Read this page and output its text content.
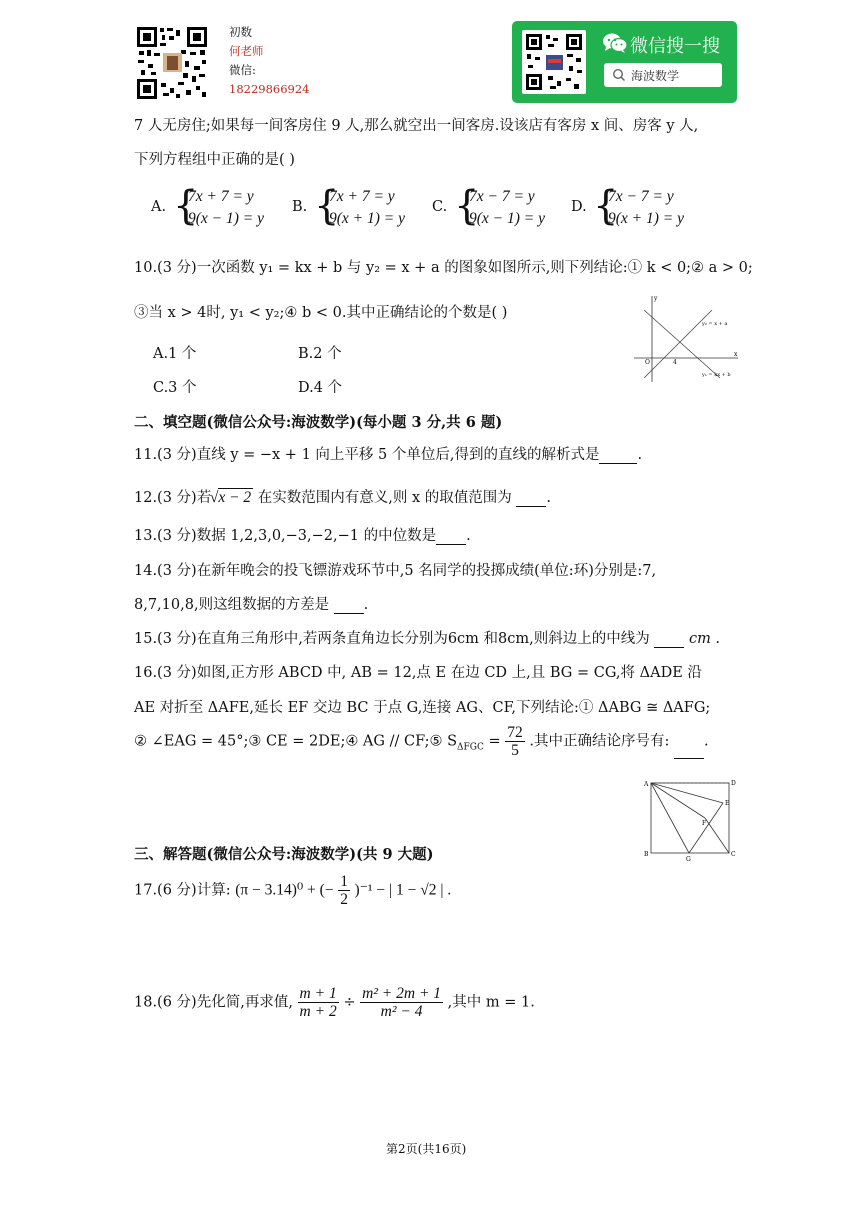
初数
何老师
微信:
18229866924
微信搜一搜
海波数学
7 人无房住;如果每一间客房住 9 人,那么就空出一间客房.设该店有客房 x 间、房客 y 人,
下列方程组中正确的是( )
A. {
7x + 7 = y
9(x − 1) = y
B. {
7x + 7 = y
9(x + 1) = y
C. {
7x − 7 = y
9(x − 1) = y
D. {
7x − 7 = y
9(x + 1) = y
10.(3 分)一次函数 y₁ = kx + b 与 y₂ = x + a 的图象如图所示,则下列结论:① k < 0;② a > 0;
③当 x > 4时, y₁ < y₂;④ b < 0.其中正确结论的个数是( )
A.1 个	B.2 个
C.3 个	D.4 个
y
x
O	4
y₂ = x + a
y₁ = kx + b
二、填空题(微信公众号:海波数学)(每小题 3 分,共 6 题)
11.(3 分)直线 y = −x + 1 向上平移 5 个单位后,得到的直线的解析式是	.
12.(3 分)若 √x − 2 在实数范围内有意义,则 x 的取值范围为 .
13.(3 分)数据 1,2,3,0,−3,−2,−1 的中位数是 .
14.(3 分)在新年晚会的投飞镖游戏环节中,5 名同学的投掷成绩(单位:环)分别是:7,
8,7,10,8,则这组数据的方差是 .
15.(3 分)在直角三角形中,若两条直角边长分别为6cm 和8cm,则斜边上的中线为	cm .
16.(3 分)如图,正方形 ABCD 中, AB = 12,点 E 在边 CD 上,且 BG = CG,将 ΔADE 沿
AE 对折至 ΔAFE,延长 EF 交边 BC 于点 G,连接 AG、CF,下列结论:① ΔABG ≅ ΔAFG;
② ∠EAG = 45°;③ CE = 2DE;④ AG // CF;⑤ $S_{\Delta FGC} = \frac{72}{5}$ .其中正确结论序号有: .
A	D
E
F
B
G
C
三、解答题(微信公众号:海波数学)(共 9 大题)
17.(6 分)计算: (π − 3.14)⁰ + (− $\frac{1}{2} )^{-1}$ − | 1 − √2 | .
18.(6 分)先化简,再求值, $\frac{m + 1}{m + 2} \div \frac{\text{m² + 2m + 1}}{\text{m² − 4}}$ ,其中 m = 1.
第2页(共16页)
